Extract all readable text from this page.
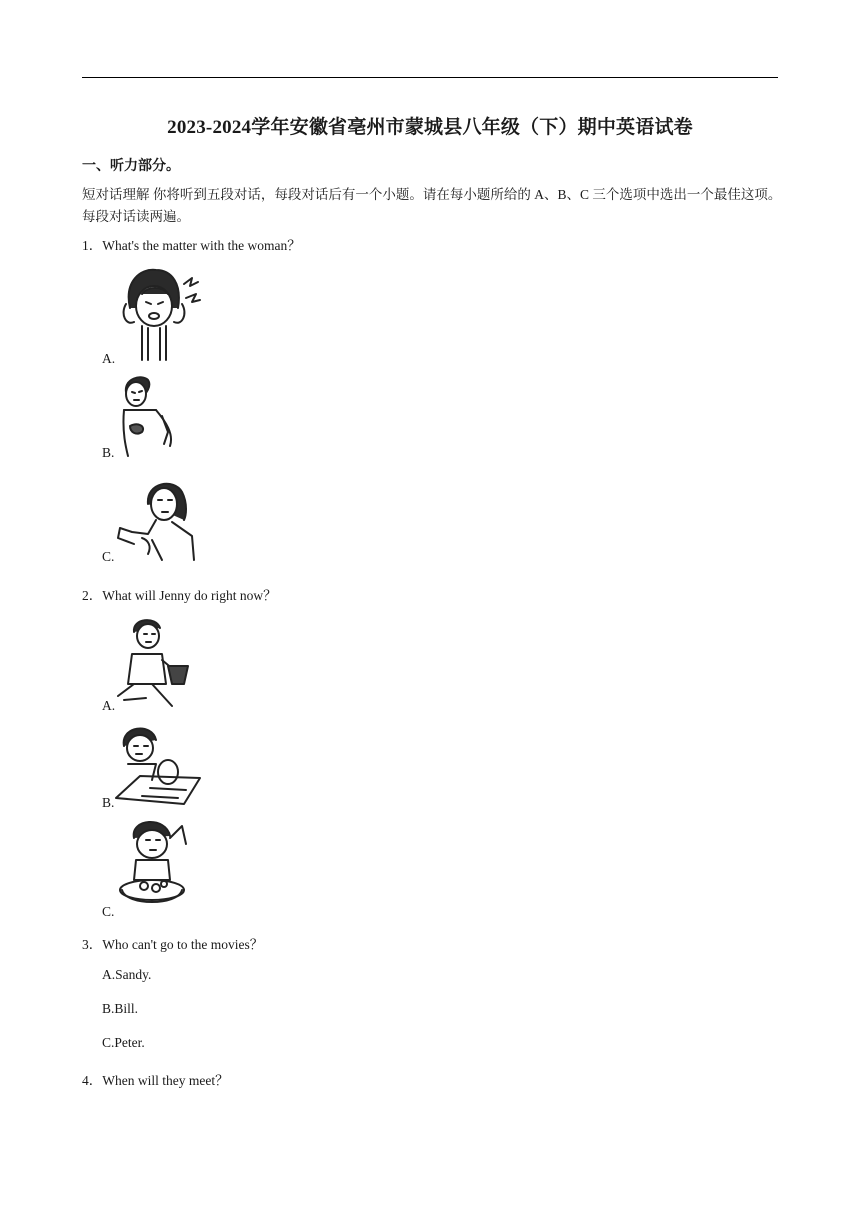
2023-2024学年安徽省亳州市蒙城县八年级（下）期中英语试卷
一、听力部分。
短对话理解 你将听到五段对话，每段对话后有一个小题。请在每小题所给的 A、B、C 三个选项中选出一个最佳这项。每段对话读两遍。
1．What's the matter with the woman？
A.
B.
C.
2．What will Jenny do right now？
A.
B.
C.
3．Who can't go to the movies？
A.Sandy.
B.Bill.
C.Peter.
4．When will they meet？
